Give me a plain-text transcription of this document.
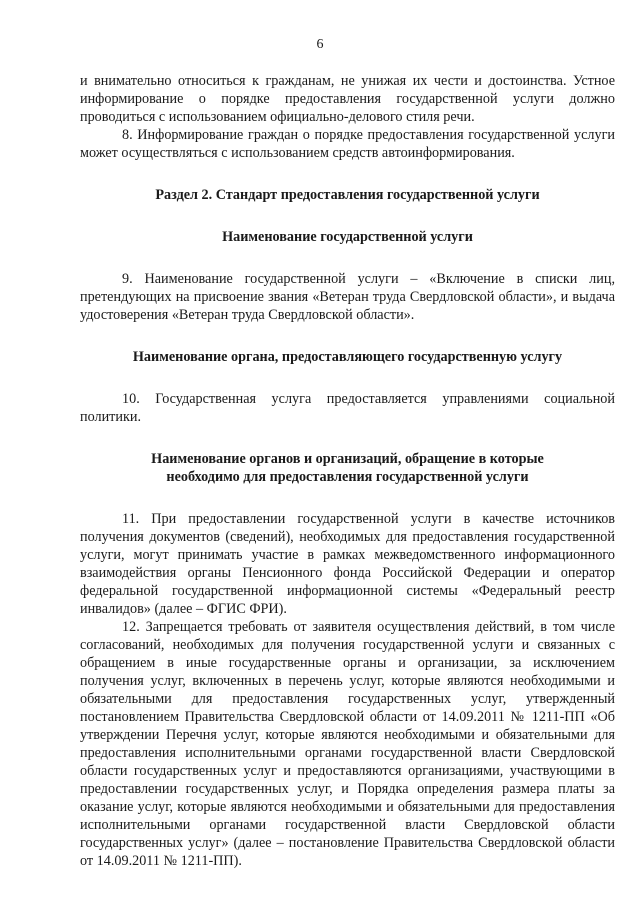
6

и внимательно относиться к гражданам, не унижая их чести и достоинства. Устное информирование о порядке предоставления государственной услуги должно проводиться с использованием официально-делового стиля речи.

8. Информирование граждан о порядке предоставления государственной услуги может осуществляться с использованием средств автоинформирования.

Раздел 2. Стандарт предоставления государственной услуги

Наименование государственной услуги

9. Наименование государственной услуги – «Включение в списки лиц, претендующих на присвоение звания «Ветеран труда Свердловской области», и выдача удостоверения «Ветеран труда Свердловской области».

Наименование органа, предоставляющего государственную услугу

10. Государственная услуга предоставляется управлениями социальной политики.

Наименование органов и организаций, обращение в которые

необходимо для предоставления государственной услуги

11. При предоставлении государственной услуги в качестве источников получения документов (сведений), необходимых для предоставления государственной услуги, могут принимать участие в рамках межведомственного информационного взаимодействия органы Пенсионного фонда Российской Федерации и оператор федеральной государственной информационной системы «Федеральный реестр инвалидов» (далее – ФГИС ФРИ).

12. Запрещается требовать от заявителя осуществления действий, в том числе согласований, необходимых для получения государственной услуги и связанных с обращением в иные государственные органы и организации, за исключением получения услуг, включенных в перечень услуг, которые являются необходимыми и обязательными для предоставления государственных услуг, утвержденный постановлением Правительства Свердловской области от 14.09.2011 № 1211-ПП «Об утверждении Перечня услуг, которые являются необходимыми и обязательными для предоставления исполнительными органами государственной власти Свердловской области государственных услуг и предоставляются организациями, участвующими в предоставлении государственных услуг, и Порядка определения размера платы за оказание услуг, которые являются необходимыми и обязательными для предоставления исполнительными органами государственной власти Свердловской области государственных услуг» (далее – постановление Правительства Свердловской области от 14.09.2011 № 1211-ПП).
